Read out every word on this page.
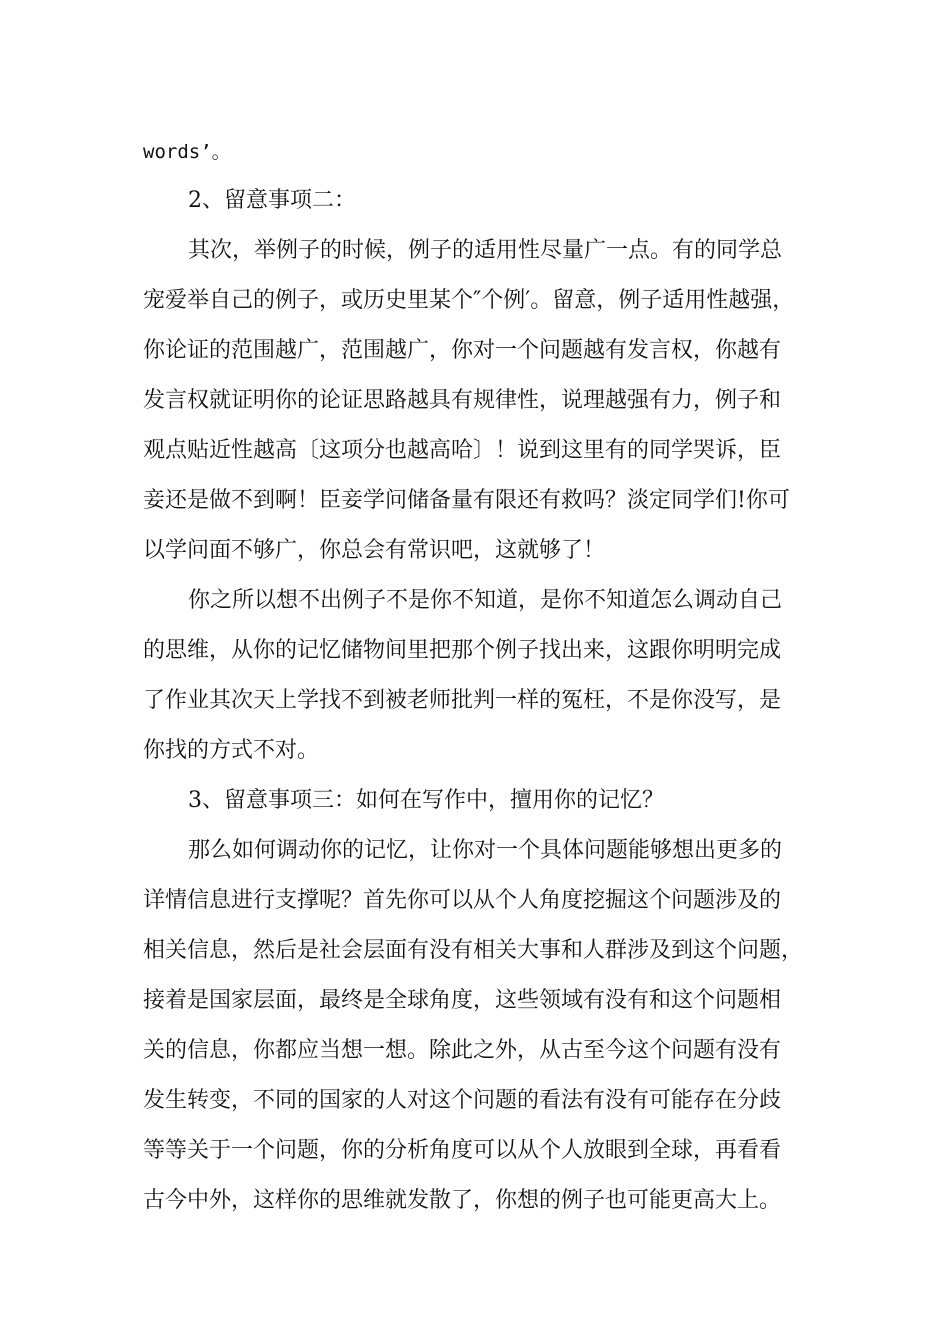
words’。
2、留意事项二：
其次，举例子的时候，例子的适用性尽量广一点。有的同学总
宠爱举自己的例子，或历史里某个″个例′。留意，例子适用性越强，
你论证的范围越广，范围越广，你对一个问题越有发言权，你越有
发言权就证明你的论证思路越具有规律性，说理越强有力，例子和
观点贴近性越高〔这项分也越高哈〕！说到这里有的同学哭诉，臣
妾还是做不到啊！臣妾学问储备量有限还有救吗？淡定同学们!你可
以学问面不够广，你总会有常识吧，这就够了！
你之所以想不出例子不是你不知道，是你不知道怎么调动自己
的思维，从你的记忆储物间里把那个例子找出来，这跟你明明完成
了作业其次天上学找不到被老师批判一样的冤枉，不是你没写，是
你找的方式不对。
3、留意事项三：如何在写作中，擅用你的记忆？
那么如何调动你的记忆，让你对一个具体问题能够想出更多的
详情信息进行支撑呢？首先你可以从个人角度挖掘这个问题涉及的
相关信息，然后是社会层面有没有相关大事和人群涉及到这个问题，
接着是国家层面，最终是全球角度，这些领域有没有和这个问题相
关的信息，你都应当想一想。除此之外，从古至今这个问题有没有
发生转变，不同的国家的人对这个问题的看法有没有可能存在分歧
等等关于一个问题，你的分析角度可以从个人放眼到全球，再看看
古今中外，这样你的思维就发散了，你想的例子也可能更高大上。
